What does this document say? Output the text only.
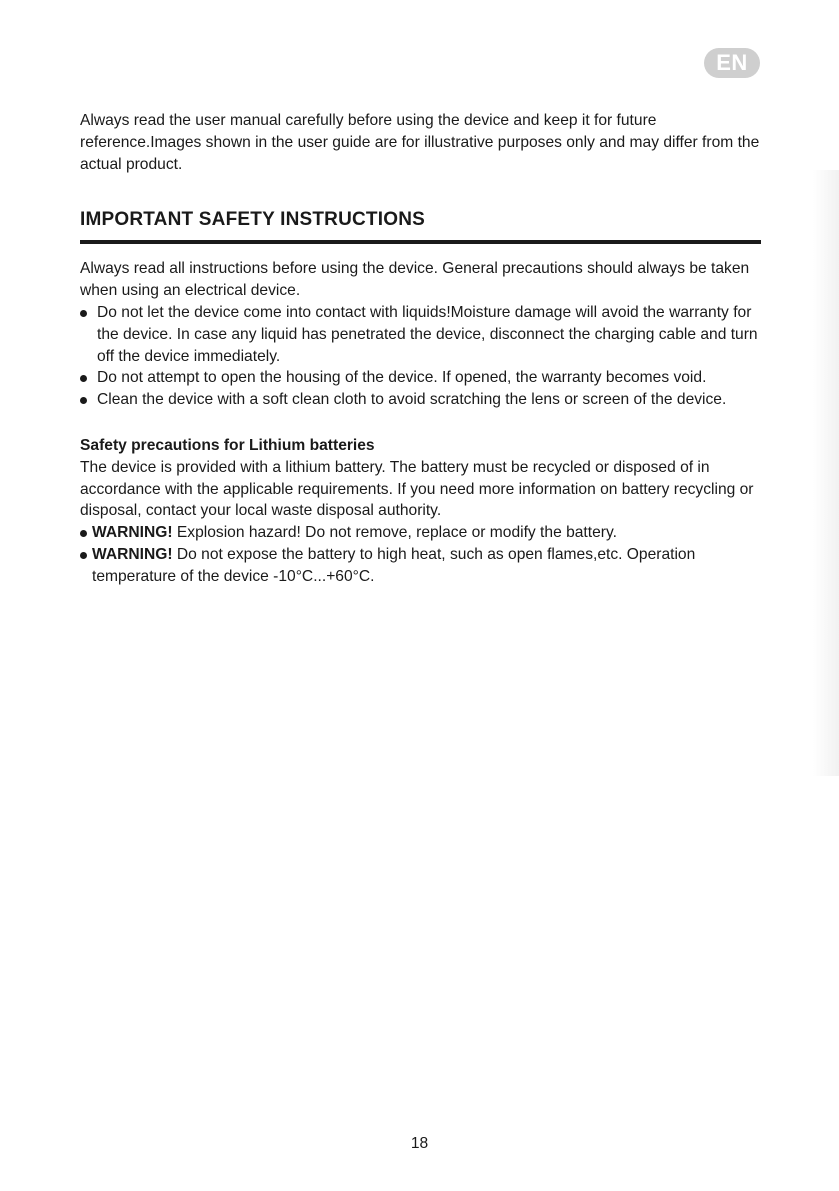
EN

Always read the user manual carefully before using the device and keep it for future reference.Images shown in the user guide are for illustrative purposes only and may differ from the actual product.

IMPORTANT SAFETY INSTRUCTIONS

Always read all instructions before using the device. General precautions should always be taken when using an electrical device.

Do not let the device come into contact with liquids!Moisture damage will avoid the warranty for the device. In case any liquid has penetrated the device, disconnect the charging cable and turn off the device immediately.
Do not attempt to open the housing of the device. If opened, the warranty becomes void.
Clean the device with a soft clean cloth to avoid scratching the lens or screen of the device.

Safety precautions for Lithium batteries

The device is provided with a lithium battery. The battery must be recycled or disposed of in accordance with the applicable requirements. If you need more information on battery recycling or disposal, contact your local waste disposal authority.

WARNING! Explosion hazard! Do not remove, replace or modify the battery.
WARNING! Do not expose the battery to high heat, such as open flames,etc. Operation temperature of the device -10°C...+60°C.
18
